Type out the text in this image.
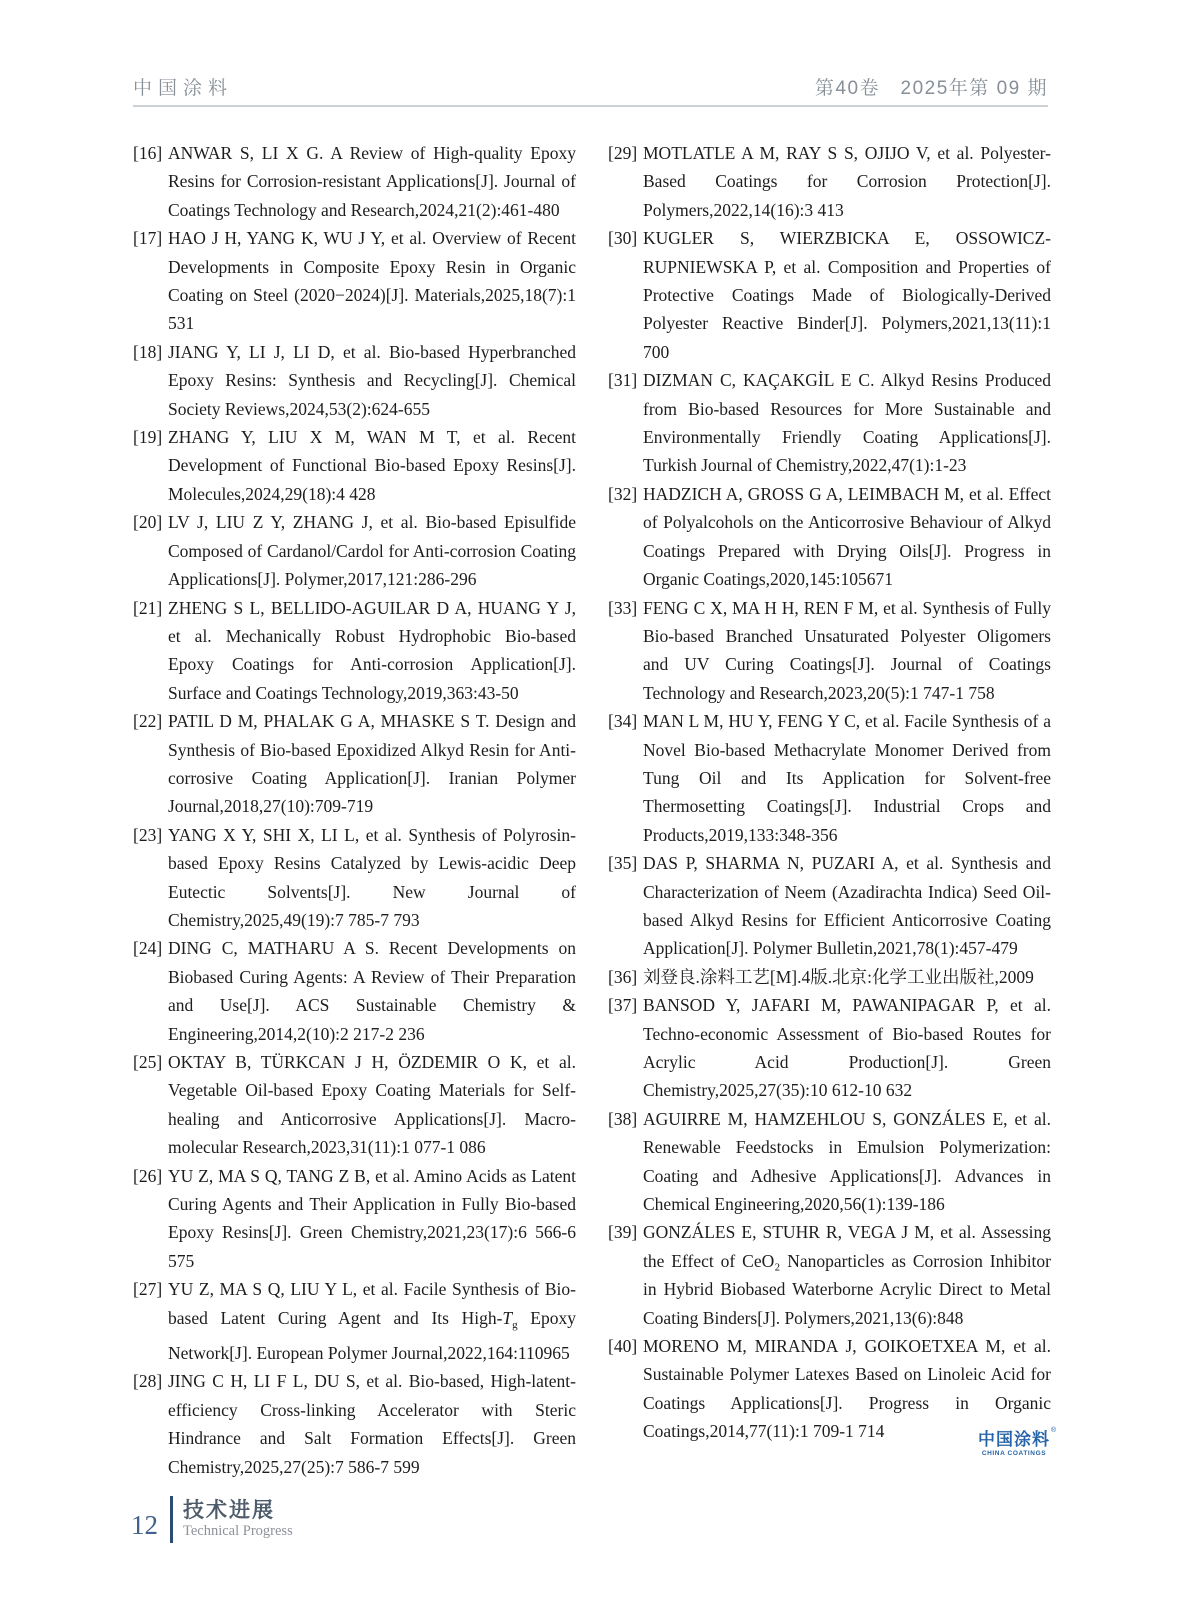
中国涂料	第40卷　2025年第 09 期
[16] ANWAR S, LI X G. A Review of High-quality Epoxy Resins for Corrosion-resistant Applications[J]. Journal of Coatings Technology and Research,2024,21(2):461-480
[17] HAO J H, YANG K, WU J Y, et al. Overview of Recent Developments in Composite Epoxy Resin in Organic Coating on Steel (2020−2024)[J]. Materials,2025,18(7):1 531
[18] JIANG Y, LI J, LI D, et al. Bio-based Hyperbranched Epoxy Resins: Synthesis and Recycling[J]. Chemical Society Reviews,2024,53(2):624-655
[19] ZHANG Y, LIU X M, WAN M T, et al. Recent Development of Functional Bio-based Epoxy Resins[J]. Molecules,2024,29(18):4 428
[20] LV J, LIU Z Y, ZHANG J, et al. Bio-based Episulfide Composed of Cardanol/Cardol for Anti-corrosion Coating Applications[J]. Polymer,2017,121:286-296
[21] ZHENG S L, BELLIDO-AGUILAR D A, HUANG Y J, et al. Mechanically Robust Hydrophobic Bio-based Epoxy Coatings for Anti-corrosion Application[J]. Surface and Coatings Technology,2019,363:43-50
[22] PATIL D M, PHALAK G A, MHASKE S T. Design and Synthesis of Bio-based Epoxidized Alkyd Resin for Anti-corrosive Coating Application[J]. Iranian Polymer Journal,2018,27(10):709-719
[23] YANG X Y, SHI X, LI L, et al. Synthesis of Polyrosin-based Epoxy Resins Catalyzed by Lewis-acidic Deep Eutectic Solvents[J]. New Journal of Chemistry,2025,49(19):7 785-7 793
[24] DING C, MATHARU A S. Recent Developments on Biobased Curing Agents: A Review of Their Preparation and Use[J]. ACS Sustainable Chemistry & Engineering,2014,2(10):2 217-2 236
[25] OKTAY B, TÜRKCAN J H, ÖZDEMIR O K, et al. Vegetable Oil-based Epoxy Coating Materials for Self-healing and Anticorrosive Applications[J]. Macro-molecular Research,2023,31(11):1 077-1 086
[26] YU Z, MA S Q, TANG Z B, et al. Amino Acids as Latent Curing Agents and Their Application in Fully Bio-based Epoxy Resins[J]. Green Chemistry,2021,23(17):6 566-6 575
[27] YU Z, MA S Q, LIU Y L, et al. Facile Synthesis of Bio-based Latent Curing Agent and Its High-$T_g$ Epoxy Network[J]. European Polymer Journal,2022,164:110965
[28] JING C H, LI F L, DU S, et al. Bio-based, High-latent-efficiency Cross-linking Accelerator with Steric Hindrance and Salt Formation Effects[J]. Green Chemistry,2025,27(25):7 586-7 599
[29] MOTLATLE A M, RAY S S, OJIJO V, et al. Polyester-Based Coatings for Corrosion Protection[J]. Polymers,2022,14(16):3 413
[30] KUGLER S, WIERZBICKA E, OSSOWICZ-RUPNIEWSKA P, et al. Composition and Properties of Protective Coatings Made of Biologically-Derived Polyester Reactive Binder[J]. Polymers,2021,13(11):1 700
[31] DIZMAN C, KAÇAKGİL E C. Alkyd Resins Produced from Bio-based Resources for More Sustainable and Environmentally Friendly Coating Applications[J]. Turkish Journal of Chemistry,2022,47(1):1-23
[32] HADZICH A, GROSS G A, LEIMBACH M, et al. Effect of Polyalcohols on the Anticorrosive Behaviour of Alkyd Coatings Prepared with Drying Oils[J]. Progress in Organic Coatings,2020,145:105671
[33] FENG C X, MA H H, REN F M, et al. Synthesis of Fully Bio-based Branched Unsaturated Polyester Oligomers and UV Curing Coatings[J]. Journal of Coatings Technology and Research,2023,20(5):1 747-1 758
[34] MAN L M, HU Y, FENG Y C, et al. Facile Synthesis of a Novel Bio-based Methacrylate Monomer Derived from Tung Oil and Its Application for Solvent-free Thermosetting Coatings[J]. Industrial Crops and Products,2019,133:348-356
[35] DAS P, SHARMA N, PUZARI A, et al. Synthesis and Characterization of Neem (Azadirachta Indica) Seed Oil-based Alkyd Resins for Efficient Anticorrosive Coating Application[J]. Polymer Bulletin,2021,78(1):457-479
[36] 刘登良.涂料工艺[M].4版.北京:化学工业出版社,2009
[37] BANSOD Y, JAFARI M, PAWANIPAGAR P, et al. Techno-economic Assessment of Bio-based Routes for Acrylic Acid Production[J]. Green Chemistry,2025,27(35):10 612-10 632
[38] AGUIRRE M, HAMZEHLOU S, GONZÁLES E, et al. Renewable Feedstocks in Emulsion Polymerization: Coating and Adhesive Applications[J]. Advances in Chemical Engineering,2020,56(1):139-186
[39] GONZÁLES E, STUHR R, VEGA J M, et al. Assessing the Effect of CeO₂ Nanoparticles as Corrosion Inhibitor in Hybrid Biobased Waterborne Acrylic Direct to Metal Coating Binders[J]. Polymers,2021,13(6):848
[40] MORENO M, MIRANDA J, GOIKOETXEA M, et al. Sustainable Polymer Latexes Based on Linoleic Acid for Coatings Applications[J]. Progress in Organic Coatings,2014,77(11):1 709-1 714	中国涂料 ®
CHINA COATINGS
12 技术进展
Technical Progress
